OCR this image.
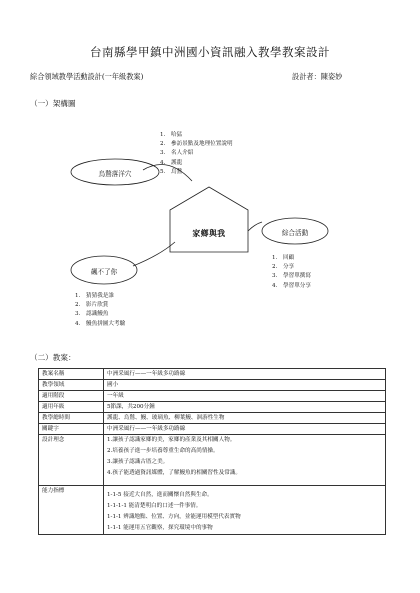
台南縣學甲鎮中洲國小資訊融入教學教案設計
綜合領域教學活動設計(一年級教案)	設計者：陳姿妙
（一）架構圖
烏鶖落洋穴
飆不了你
綜合活動
家鄉與我
1. 哈猛
2. 參訪景點及地理位置說明
3. 名人介紹
4. 護龍
5. 烏鶖
1. 回顧
2. 分享
3. 學習單撰寫
4. 學習單分享
1. 猜猜我是誰
2. 影片欣賞
3. 認識鰻魚
4. 鰻魚拼圖大考驗
（二）教案：
教案名稱	中洲采風行——一年級多功路線
教學領域	國小
適用階段	一年級
適用年級	5節課，共200分鐘
教學總時間	護龍、烏鶖、鰻、玻璃魚、柳葉鰻、洄游性生物
關鍵字	中洲采風行——一年級多功路線
設計理念	1.讓孩子認識家鄉的美，家鄉的產業及其相關人物。
2.培養孩子進一步培養尊重生命的高尚情操。
3.讓孩子認識古厝之美。
4.孩子能透過資訊媒體，了解鰻魚的相關習性及常識。

能力指標	1-1-5 接近大自然，進而關懷自然與生命。
1-1-1-1 能清楚明白的口述一件事情。
1-1-1 辨識地點、位置、方向，並能運用模型代表實物
1-1-1 能運用五官觀察，探究環境中的事物
